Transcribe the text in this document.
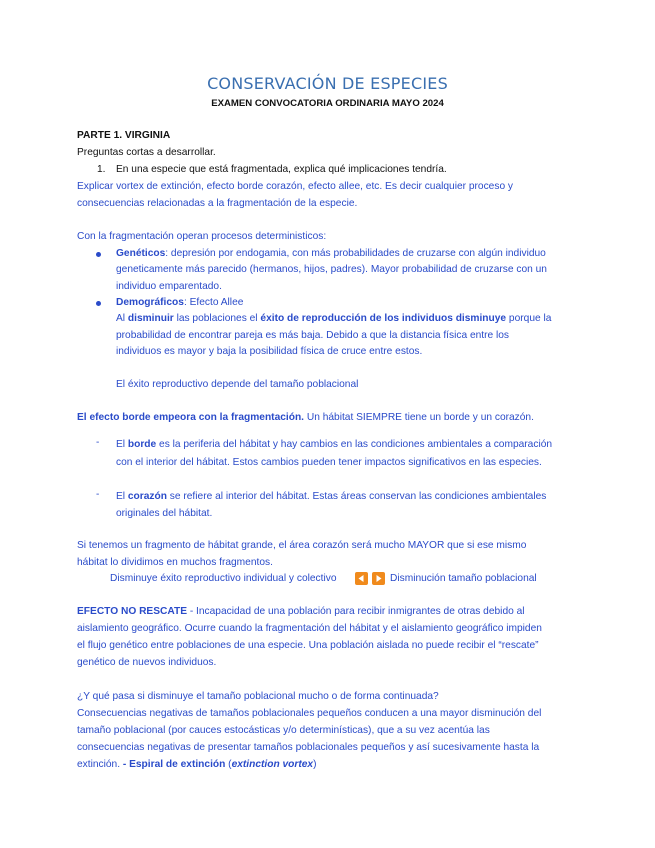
CONSERVACIÓN DE ESPECIES
EXAMEN CONVOCATORIA ORDINARIA MAYO 2024
PARTE 1. VIRGINIA
Preguntas cortas a desarrollar.
1. En una especie que está fragmentada, explica qué implicaciones tendría.
Explicar vortex de extinción, efecto borde corazón, efecto allee, etc. Es decir cualquier proceso y
consecuencias relacionadas a la fragmentación de la especie.
Con la fragmentación operan procesos deterministicos:
Genéticos: depresión por endogamia, con más probabilidades de cruzarse con algún individuo
geneticamente más parecido (hermanos, hijos, padres). Mayor probabilidad de cruzarse con un
individuo emparentado.
Demográficos: Efecto Allee
Al disminuir las poblaciones el éxito de reproducción de los individuos disminuye porque la
probabilidad de encontrar pareja es más baja. Debido a que la distancia física entre los
individuos es mayor y baja la posibilidad física de cruce entre estos.
El éxito reproductivo depende del tamaño poblacional
El efecto borde empeora con la fragmentación. Un hábitat SIEMPRE tiene un borde y un corazón.
- El borde es la periferia del hábitat y hay cambios en las condiciones ambientales a comparación
con el interior del hábitat. Estos cambios pueden tener impactos significativos en las especies.
- El corazón se refiere al interior del hábitat. Estas áreas conservan las condiciones ambientales
originales del hábitat.
Si tenemos un fragmento de hábitat grande, el área corazón será mucho MAYOR que si ese mismo
hábitat lo dividimos en muchos fragmentos.
Disminuye éxito reproductivo individual y colectivo	Disminución tamaño poblacional
EFECTO NO RESCATE - Incapacidad de una población para recibir inmigrantes de otras debido al
aislamiento geográfico. Ocurre cuando la fragmentación del hábitat y el aislamiento geográfico impiden
el flujo genético entre poblaciones de una especie. Una población aislada no puede recibir el “rescate”
genético de nuevos individuos.
¿Y qué pasa si disminuye el tamaño poblacional mucho o de forma continuada?
Consecuencias negativas de tamaños poblacionales pequeños conducen a una mayor disminución del
tamaño poblacional (por cauces estocásticas y/o determinísticas), que a su vez acentúa las
consecuencias negativas de presentar tamaños poblacionales pequeños y así sucesivamente hasta la
extinción. - Espiral de extinción (extinction vortex)
